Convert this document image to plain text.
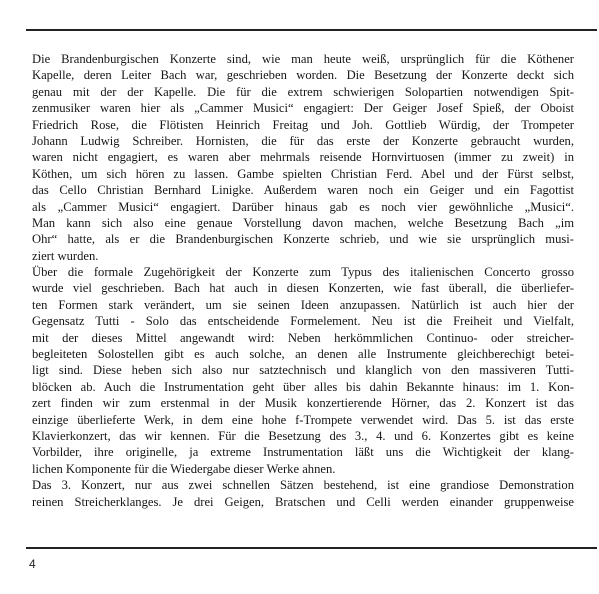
Die Brandenburgischen Konzerte sind, wie man heute weiß, ursprünglich für die Köthener
Kapelle, deren Leiter Bach war, geschrieben worden. Die Besetzung der Konzerte deckt sich
genau mit der der Kapelle. Die für die extrem schwierigen Solopartien notwendigen Spit-
zenmusiker waren hier als „Cammer Musici“ engagiert: Der Geiger Josef Spieß, der Oboist
Friedrich Rose, die Flötisten Heinrich Freitag und Joh. Gottlieb Würdig, der Trompeter
Johann Ludwig Schreiber. Hornisten, die für das erste der Konzerte gebraucht wurden,
waren nicht engagiert, es waren aber mehrmals reisende Hornvirtuosen (immer zu zweit) in
Köthen, um sich hören zu lassen. Gambe spielten Christian Ferd. Abel und der Fürst selbst,
das Cello Christian Bernhard Linigke. Außerdem waren noch ein Geiger und ein Fagottist
als „Cammer Musici“ engagiert. Darüber hinaus gab es noch vier gewöhnliche „Musici“.
Man kann sich also eine genaue Vorstellung davon machen, welche Besetzung Bach „im
Ohr“ hatte, als er die Brandenburgischen Konzerte schrieb, und wie sie ursprünglich musi-
ziert wurden.
Über die formale Zugehörigkeit der Konzerte zum Typus des italienischen Concerto grosso
wurde viel geschrieben. Bach hat auch in diesen Konzerten, wie fast überall, die überliefer-
ten Formen stark verändert, um sie seinen Ideen anzupassen. Natürlich ist auch hier der
Gegensatz Tutti - Solo das entscheidende Formelement. Neu ist die Freiheit und Vielfalt,
mit der dieses Mittel angewandt wird: Neben herkömmlichen Continuo- oder streicher-
begleiteten Solostellen gibt es auch solche, an denen alle Instrumente gleichberechigt betei-
ligt sind. Diese heben sich also nur satztechnisch und klanglich von den massiveren Tutti-
blöcken ab. Auch die Instrumentation geht über alles bis dahin Bekannte hinaus: im 1. Kon-
zert finden wir zum erstenmal in der Musik konzertierende Hörner, das 2. Konzert ist das
einzige überlieferte Werk, in dem eine hohe f-Trompete verwendet wird. Das 5. ist das erste
Klavierkonzert, das wir kennen. Für die Besetzung des 3., 4. und 6. Konzertes gibt es keine
Vorbilder, ihre originelle, ja extreme Instrumentation läßt uns die Wichtigkeit der klang-
lichen Komponente für die Wiedergabe dieser Werke ahnen.
Das 3. Konzert, nur aus zwei schnellen Sätzen bestehend, ist eine grandiose Demonstration
reinen Streicherklanges. Je drei Geigen, Bratschen und Celli werden einander gruppenweise
4
